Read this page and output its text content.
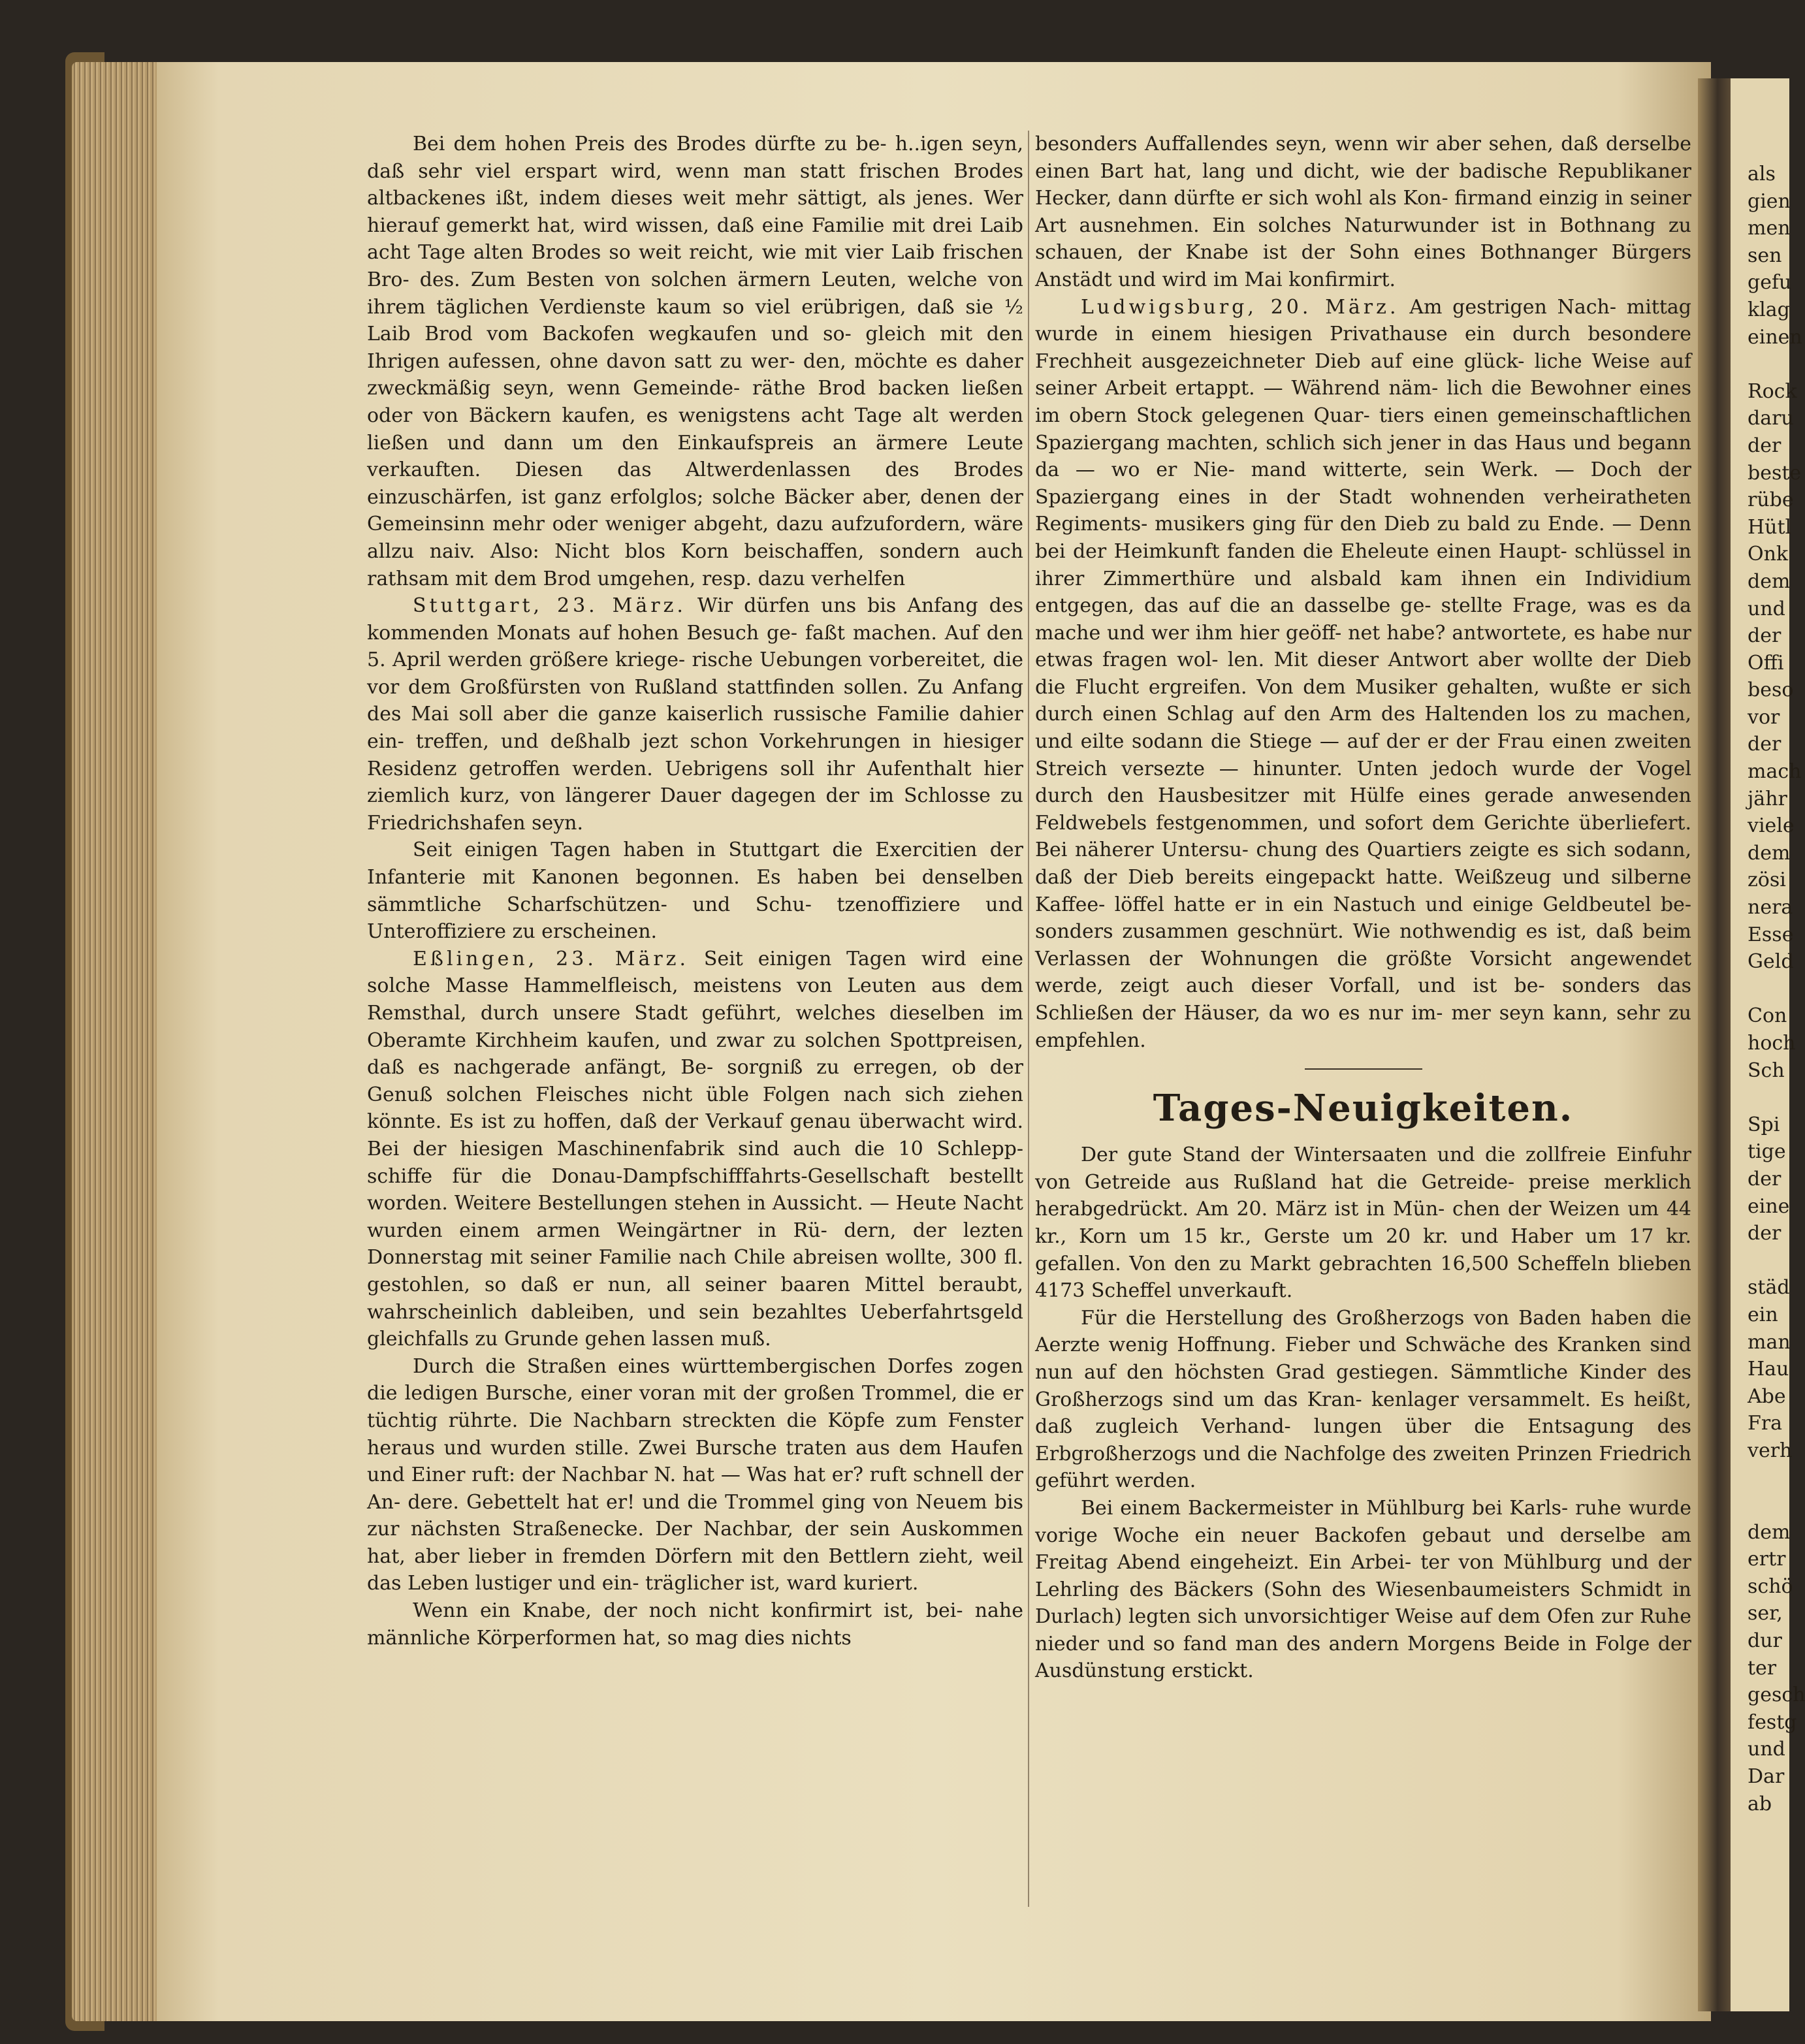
Bei dem hohen Preis des Brodes dürfte zu be- h..igen seyn, daß sehr viel erspart wird, wenn man statt frischen Brodes altbackenes ißt, indem dieses weit mehr sättigt, als jenes. Wer hierauf gemerkt hat, wird wissen, daß eine Familie mit drei Laib acht Tage alten Brodes so weit reicht, wie mit vier Laib frischen Bro- des. Zum Besten von solchen ärmern Leuten, welche von ihrem täglichen Verdienste kaum so viel erübrigen, daß sie ½ Laib Brod vom Backofen wegkaufen und so- gleich mit den Ihrigen aufessen, ohne davon satt zu wer- den, möchte es daher zweckmäßig seyn, wenn Gemeinde- räthe Brod backen ließen oder von Bäckern kaufen, es wenigstens acht Tage alt werden ließen und dann um den Einkaufspreis an ärmere Leute verkauften. Diesen das Altwerdenlassen des Brodes einzuschärfen, ist ganz erfolglos; solche Bäcker aber, denen der Gemeinsinn mehr oder weniger abgeht, dazu aufzufordern, wäre allzu naiv. Also: Nicht blos Korn beischaffen, sondern auch rathsam mit dem Brod umgehen, resp. dazu verhelfen

Stuttgart, 23. März. Wir dürfen uns bis Anfang des kommenden Monats auf hohen Besuch ge- faßt machen. Auf den 5. April werden größere kriege- rische Uebungen vorbereitet, die vor dem Großfürsten von Rußland stattfinden sollen. Zu Anfang des Mai soll aber die ganze kaiserlich russische Familie dahier ein- treffen, und deßhalb jezt schon Vorkehrungen in hiesiger Residenz getroffen werden. Uebrigens soll ihr Aufenthalt hier ziemlich kurz, von längerer Dauer dagegen der im Schlosse zu Friedrichshafen seyn.

Seit einigen Tagen haben in Stuttgart die Exercitien der Infanterie mit Kanonen begonnen. Es haben bei denselben sämmtliche Scharfschützen- und Schu- tzenoffiziere und Unteroffiziere zu erscheinen.

Eßlingen, 23. März. Seit einigen Tagen wird eine solche Masse Hammelfleisch, meistens von Leuten aus dem Remsthal, durch unsere Stadt geführt, welches dieselben im Oberamte Kirchheim kaufen, und zwar zu solchen Spottpreisen, daß es nachgerade anfängt, Be- sorgniß zu erregen, ob der Genuß solchen Fleisches nicht üble Folgen nach sich ziehen könnte. Es ist zu hoffen, daß der Verkauf genau überwacht wird. Bei der hiesigen Maschinenfabrik sind auch die 10 Schlepp- schiffe für die Donau-Dampfschifffahrts-Gesellschaft bestellt worden. Weitere Bestellungen stehen in Aussicht. — Heute Nacht wurden einem armen Weingärtner in Rü- dern, der lezten Donnerstag mit seiner Familie nach Chile abreisen wollte, 300 fl. gestohlen, so daß er nun, all seiner baaren Mittel beraubt, wahrscheinlich dableiben, und sein bezahltes Ueberfahrtsgeld gleichfalls zu Grunde gehen lassen muß.

Durch die Straßen eines württembergischen Dorfes zogen die ledigen Bursche, einer voran mit der großen Trommel, die er tüchtig rührte. Die Nachbarn streckten die Köpfe zum Fenster heraus und wurden stille. Zwei Bursche traten aus dem Haufen und Einer ruft: der Nachbar N. hat — Was hat er? ruft schnell der An- dere. Gebettelt hat er! und die Trommel ging von Neuem bis zur nächsten Straßenecke. Der Nachbar, der sein Auskommen hat, aber lieber in fremden Dörfern mit den Bettlern zieht, weil das Leben lustiger und ein- träglicher ist, ward kuriert.

Wenn ein Knabe, der noch nicht konfirmirt ist, bei- nahe männliche Körperformen hat, so mag dies nichts

besonders Auffallendes seyn, wenn wir aber sehen, daß derselbe einen Bart hat, lang und dicht, wie der badische Republikaner Hecker, dann dürfte er sich wohl als Kon- firmand einzig in seiner Art ausnehmen. Ein solches Naturwunder ist in Bothnang zu schauen, der Knabe ist der Sohn eines Bothnanger Bürgers Anstädt und wird im Mai konfirmirt.

Ludwigsburg, 20. März. Am gestrigen Nach- mittag wurde in einem hiesigen Privathause ein durch besondere Frechheit ausgezeichneter Dieb auf eine glück- liche Weise auf seiner Arbeit ertappt. — Während näm- lich die Bewohner eines im obern Stock gelegenen Quar- tiers einen gemeinschaftlichen Spaziergang machten, schlich sich jener in das Haus und begann da — wo er Nie- mand witterte, sein Werk. — Doch der Spaziergang eines in der Stadt wohnenden verheiratheten Regiments- musikers ging für den Dieb zu bald zu Ende. — Denn bei der Heimkunft fanden die Eheleute einen Haupt- schlüssel in ihrer Zimmerthüre und alsbald kam ihnen ein Individium entgegen, das auf die an dasselbe ge- stellte Frage, was es da mache und wer ihm hier geöff- net habe? antwortete, es habe nur etwas fragen wol- len. Mit dieser Antwort aber wollte der Dieb die Flucht ergreifen. Von dem Musiker gehalten, wußte er sich durch einen Schlag auf den Arm des Haltenden los zu machen, und eilte sodann die Stiege — auf der er der Frau einen zweiten Streich versezte — hinunter. Unten jedoch wurde der Vogel durch den Hausbesitzer mit Hülfe eines gerade anwesenden Feldwebels festgenommen, und sofort dem Gerichte überliefert. Bei näherer Untersu- chung des Quartiers zeigte es sich sodann, daß der Dieb bereits eingepackt hatte. Weißzeug und silberne Kaffee- löffel hatte er in ein Nastuch und einige Geldbeutel be- sonders zusammen geschnürt. Wie nothwendig es ist, daß beim Verlassen der Wohnungen die größte Vorsicht angewendet werde, zeigt auch dieser Vorfall, und ist be- sonders das Schließen der Häuser, da wo es nur im- mer seyn kann, sehr zu empfehlen.

Tages-Neuigkeiten.

Der gute Stand der Wintersaaten und die zollfreie Einfuhr von Getreide aus Rußland hat die Getreide- preise merklich herabgedrückt. Am 20. März ist in Mün- chen der Weizen um 44 kr., Korn um 15 kr., Gerste um 20 kr. und Haber um 17 kr. gefallen. Von den zu Markt gebrachten 16,500 Scheffeln blieben 4173 Scheffel unverkauft.

Für die Herstellung des Großherzogs von Baden haben die Aerzte wenig Hoffnung. Fieber und Schwäche des Kranken sind nun auf den höchsten Grad gestiegen. Sämmtliche Kinder des Großherzogs sind um das Kran- kenlager versammelt. Es heißt, daß zugleich Verhand- lungen über die Entsagung des Erbgroßherzogs und die Nachfolge des zweiten Prinzen Friedrich geführt werden.

Bei einem Backermeister in Mühlburg bei Karls- ruhe wurde vorige Woche ein neuer Backofen gebaut und derselbe am Freitag Abend eingeheizt. Ein Arbei- ter von Mühlburg und der Lehrling des Bäckers (Sohn des Wiesenbaumeisters Schmidt in Durlach) legten sich unvorsichtiger Weise auf dem Ofen zur Ruhe nieder und so fand man des andern Morgens Beide in Folge der Ausdünstung erstickt.

als
gien
men
sen
gefu
klag
einen
Rock
daru
der
beste
rübe
Hütl
Onk
dem
und
der
Offi
beso
vor
der
mach
jähr
viele
dem
zösi
nera
Esse
Geld
Con
hoch
Sch
Spi
tige
der
eine
der
städ
ein
man
Hau
Abe
Fra
verh
dem
ertr
schö
ser,
dur
ter
gesch
festg
und
Dar
ab
